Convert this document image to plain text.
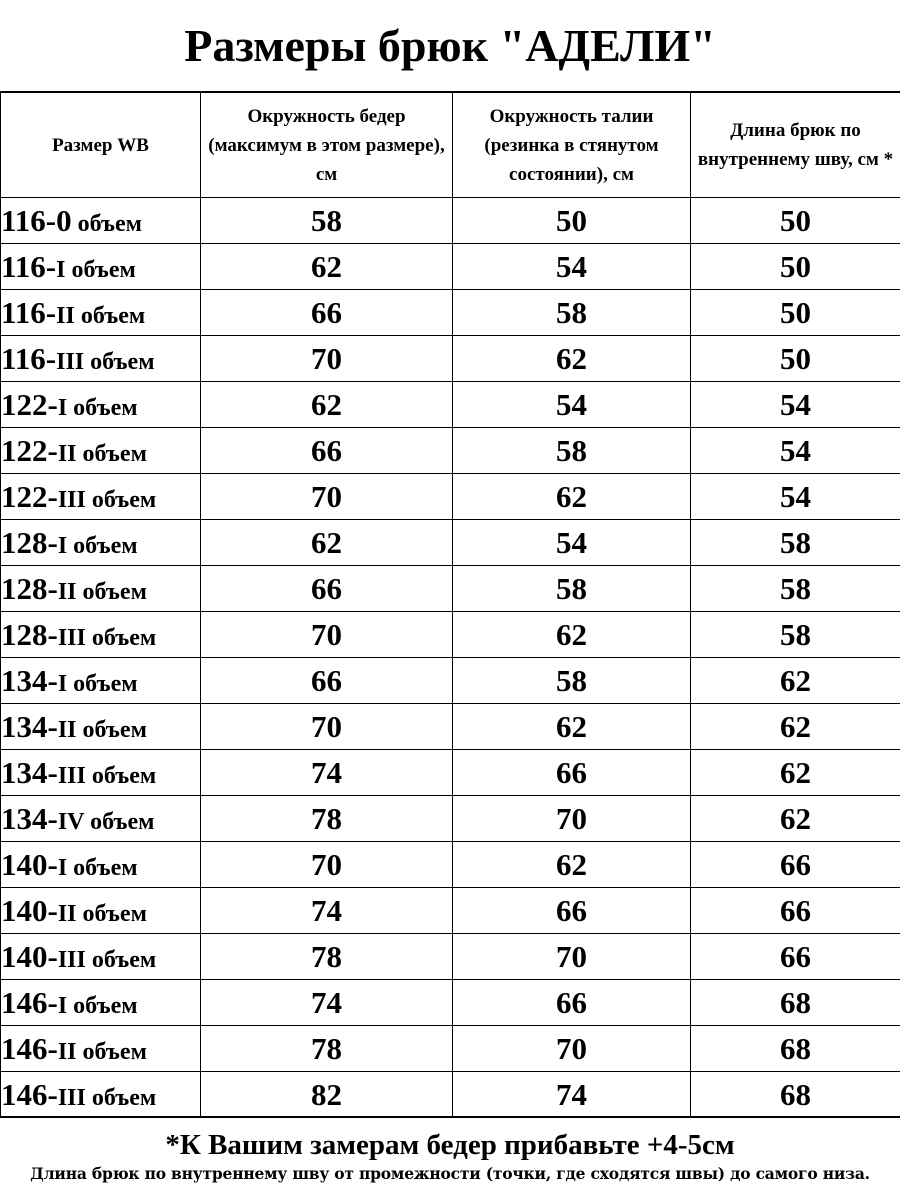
Размеры брюк "АДЕЛИ"
Размер WB	Окружность бедер (максимум в этом размере), см	Окружность талии (резинка в стянутом состоянии), см	Длина брюк по внутреннему шву, см *
116-0 объем	58	50	50
116-I объем	62	54	50
116-II объем	66	58	50
116-III объем	70	62	50
122-I объем	62	54	54
122-II объем	66	58	54
122-III объем	70	62	54
128-I объем	62	54	58
128-II объем	66	58	58
128-III объем	70	62	58
134-I объем	66	58	62
134-II объем	70	62	62
134-III объем	74	66	62
134-IV объем	78	70	62
140-I объем	70	62	66
140-II объем	74	66	66
140-III объем	78	70	66
146-I объем	74	66	68
146-II объем	78	70	68
146-III объем	82	74	68
*К Вашим замерам бедер прибавьте +4-5см
Длина брюк по внутреннему шву от промежности (точки, где сходятся швы) до самого низа.
